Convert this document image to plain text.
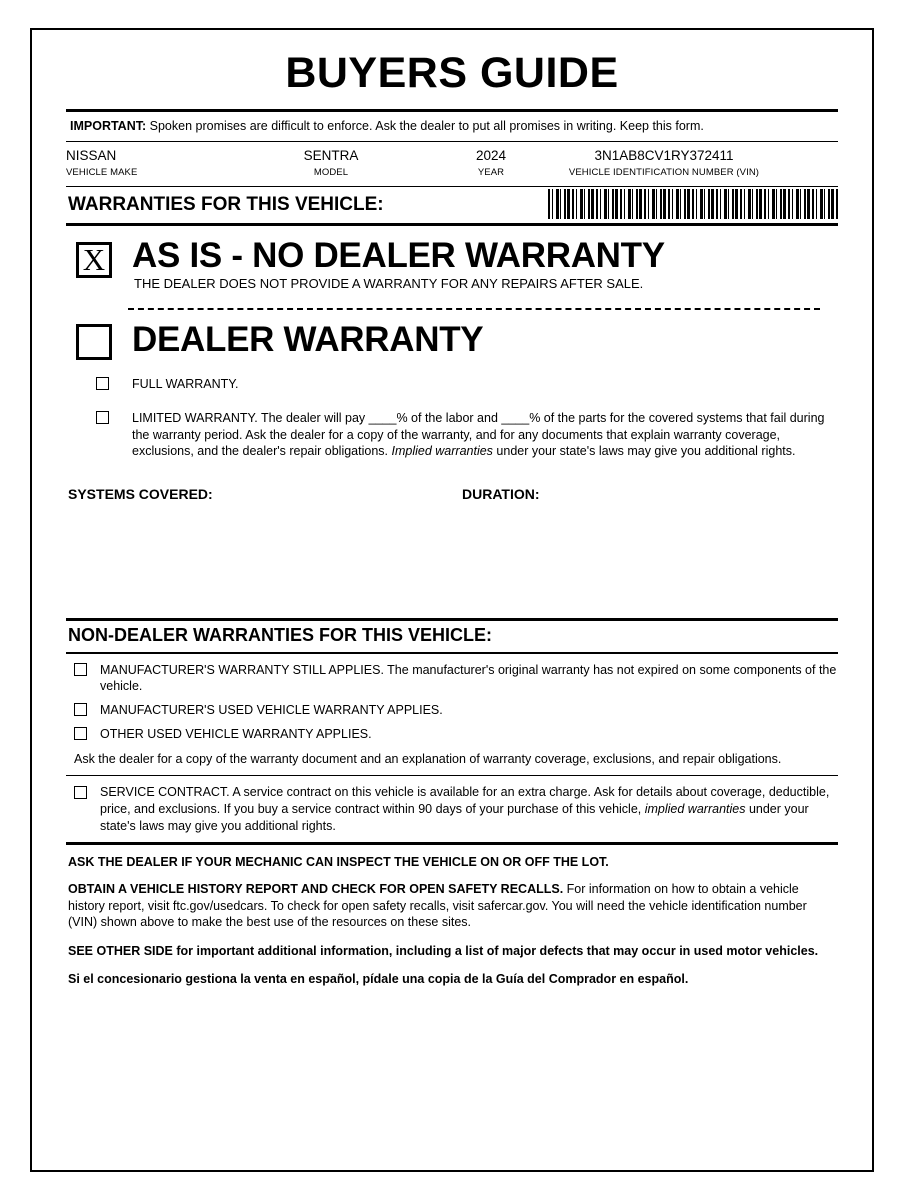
BUYERS GUIDE
IMPORTANT: Spoken promises are difficult to enforce. Ask the dealer to put all promises in writing. Keep this form.
NISSAN
VEHICLE MAKE
SENTRA
MODEL
2024
YEAR
3N1AB8CV1RY372411
VEHICLE IDENTIFICATION NUMBER (VIN)
WARRANTIES FOR THIS VEHICLE:
X AS IS - NO DEALER WARRANTY
THE DEALER DOES NOT PROVIDE A WARRANTY FOR ANY REPAIRS AFTER SALE.
DEALER WARRANTY
FULL WARRANTY.
LIMITED WARRANTY. The dealer will pay ____% of the labor and ____% of the parts for the covered systems that fail during the warranty period. Ask the dealer for a copy of the warranty, and for any documents that explain warranty coverage, exclusions, and the dealer's repair obligations. Implied warranties under your state's laws may give you additional rights.
SYSTEMS COVERED:	DURATION:
NON-DEALER WARRANTIES FOR THIS VEHICLE:
MANUFACTURER'S WARRANTY STILL APPLIES. The manufacturer's original warranty has not expired on some components of the vehicle.
MANUFACTURER'S USED VEHICLE WARRANTY APPLIES.
OTHER USED VEHICLE WARRANTY APPLIES.
Ask the dealer for a copy of the warranty document and an explanation of warranty coverage, exclusions, and repair obligations.
SERVICE CONTRACT. A service contract on this vehicle is available for an extra charge. Ask for details about coverage, deductible, price, and exclusions. If you buy a service contract within 90 days of your purchase of this vehicle, implied warranties under your state's laws may give you additional rights.
ASK THE DEALER IF YOUR MECHANIC CAN INSPECT THE VEHICLE ON OR OFF THE LOT.
OBTAIN A VEHICLE HISTORY REPORT AND CHECK FOR OPEN SAFETY RECALLS. For information on how to obtain a vehicle history report, visit ftc.gov/usedcars. To check for open safety recalls, visit safercar.gov. You will need the vehicle identification number (VIN) shown above to make the best use of the resources on these sites.
SEE OTHER SIDE for important additional information, including a list of major defects that may occur in used motor vehicles.
Si el concesionario gestiona la venta en español, pídale una copia de la Guía del Comprador en español.
